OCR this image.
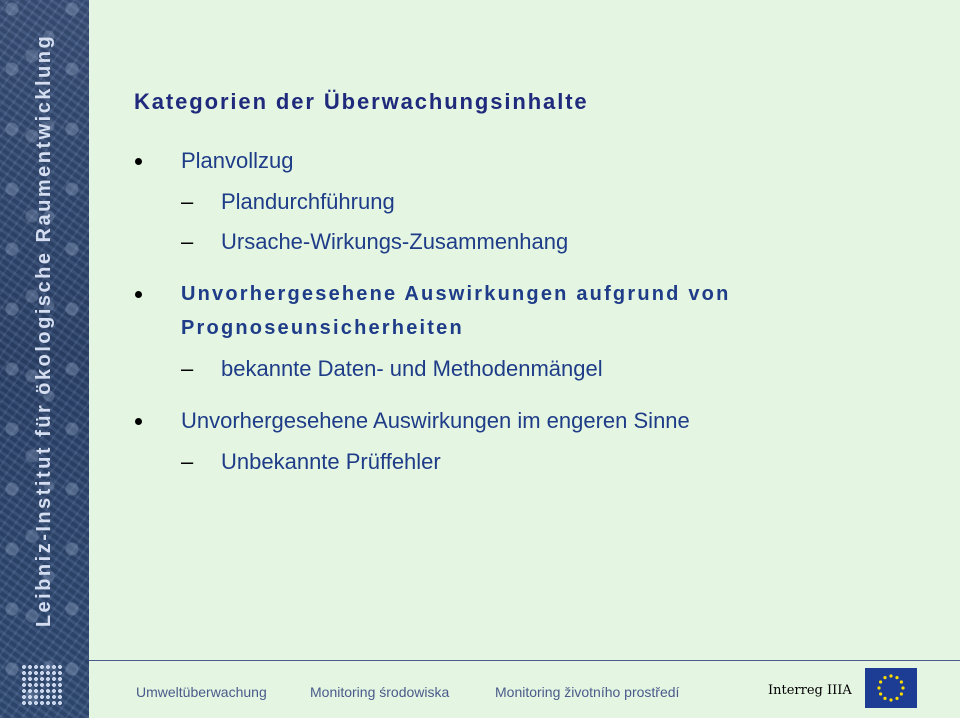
Leibniz-Institut für ökologische Raumentwicklung	Kategorien der Überwachungsinhalte
Planvollzug
– Plandurchführung
– Ursache-Wirkungs-Zusammenhang
Unvorhergesehene Auswirkungen aufgrund von
Prognoseunsicherheiten
– bekannte Daten- und Methodenmängel
Unvorhergesehene Auswirkungen im engeren Sinne
– Unbekannte Prüffehler
Umweltüberwachung	Monitoring środowiska	Monitoring životního prostředí	Interreg IIIA
